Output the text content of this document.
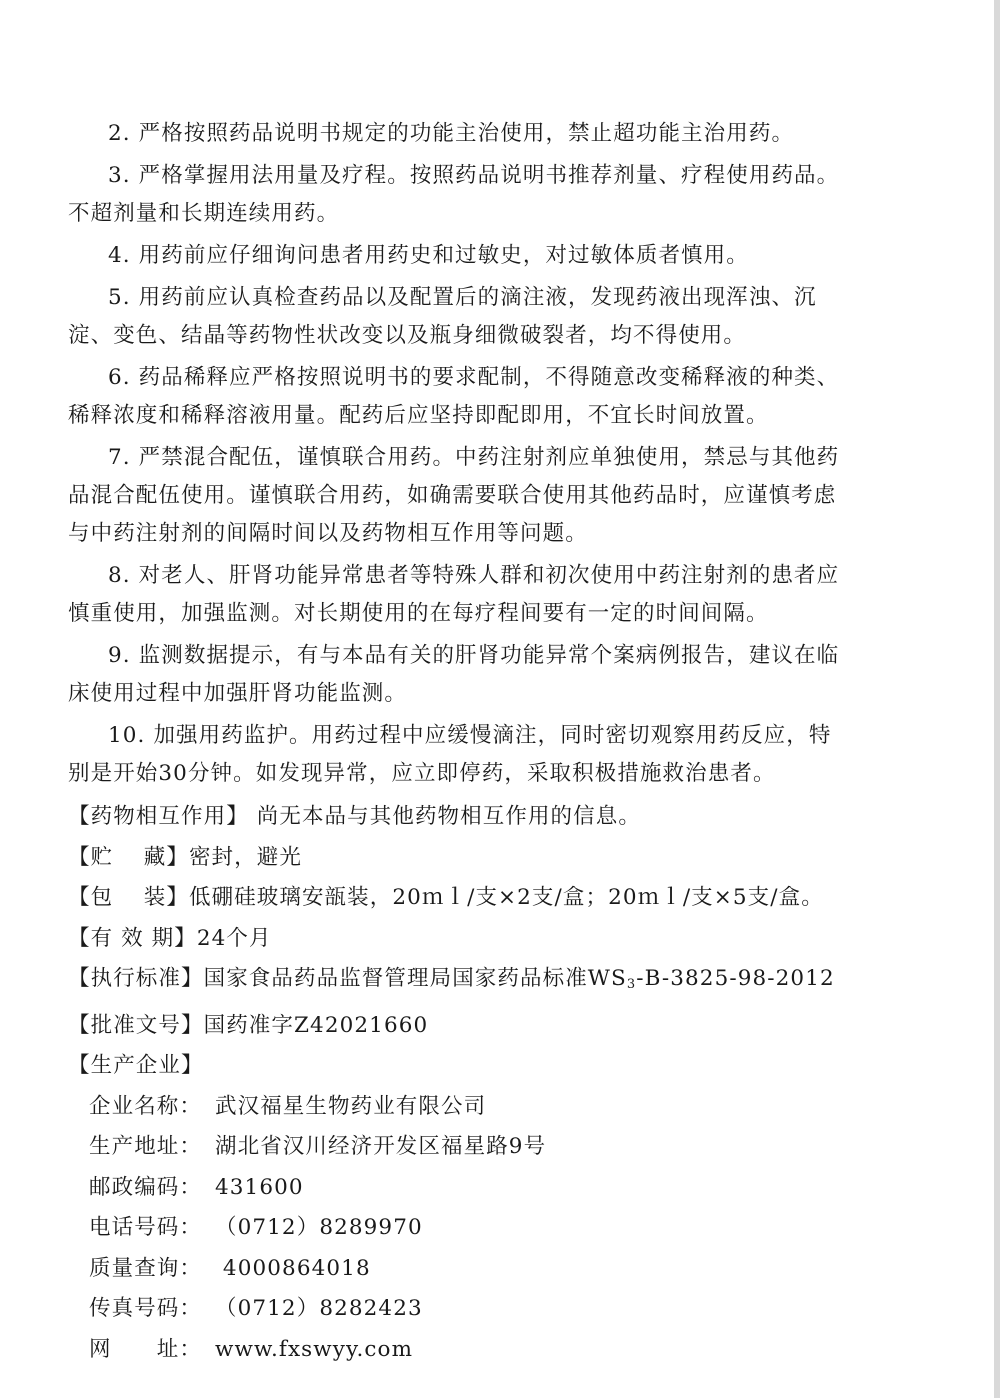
2. 严格按照药品说明书规定的功能主治使用，禁止超功能主治用药。
3. 严格掌握用法用量及疗程。按照药品说明书推荐剂量、疗程使用药品。
不超剂量和长期连续用药。
4. 用药前应仔细询问患者用药史和过敏史，对过敏体质者慎用。
5. 用药前应认真检查药品以及配置后的滴注液，发现药液出现浑浊、沉
淀、变色、结晶等药物性状改变以及瓶身细微破裂者，均不得使用。
6. 药品稀释应严格按照说明书的要求配制，不得随意改变稀释液的种类、
稀释浓度和稀释溶液用量。配药后应坚持即配即用，不宜长时间放置。
7. 严禁混合配伍，谨慎联合用药。中药注射剂应单独使用，禁忌与其他药
品混合配伍使用。谨慎联合用药，如确需要联合使用其他药品时，应谨慎考虑
与中药注射剂的间隔时间以及药物相互作用等问题。
8. 对老人、肝肾功能异常患者等特殊人群和初次使用中药注射剂的患者应
慎重使用，加强监测。对长期使用的在每疗程间要有一定的时间间隔。
9. 监测数据提示，有与本品有关的肝肾功能异常个案病例报告，建议在临
床使用过程中加强肝肾功能监测。
10. 加强用药监护。用药过程中应缓慢滴注，同时密切观察用药反应，特
别是开始30分钟。如发现异常，应立即停药，采取积极措施救治患者。
【药物相互作用】 尚无本品与其他药物相互作用的信息。
【贮　 藏】密封，避光
【包　 装】低硼硅玻璃安瓿装，20ｍｌ/支×2支/盒；20ｍｌ/支×5支/盒。
【有 效 期】24个月
【执行标准】国家食品药品监督管理局国家药品标准$WS_3-B-3825-98-2012$
【批准文号】国药准字Z42021660
【生产企业】
企业名称： 武汉福星生物药业有限公司
生产地址： 湖北省汉川经济开发区福星路9号
邮政编码： 431600
电话号码： （0712）8289970
质量查询： 4000864018
传真号码： （0712）8282423
网　　址： www.fxswyy.com
